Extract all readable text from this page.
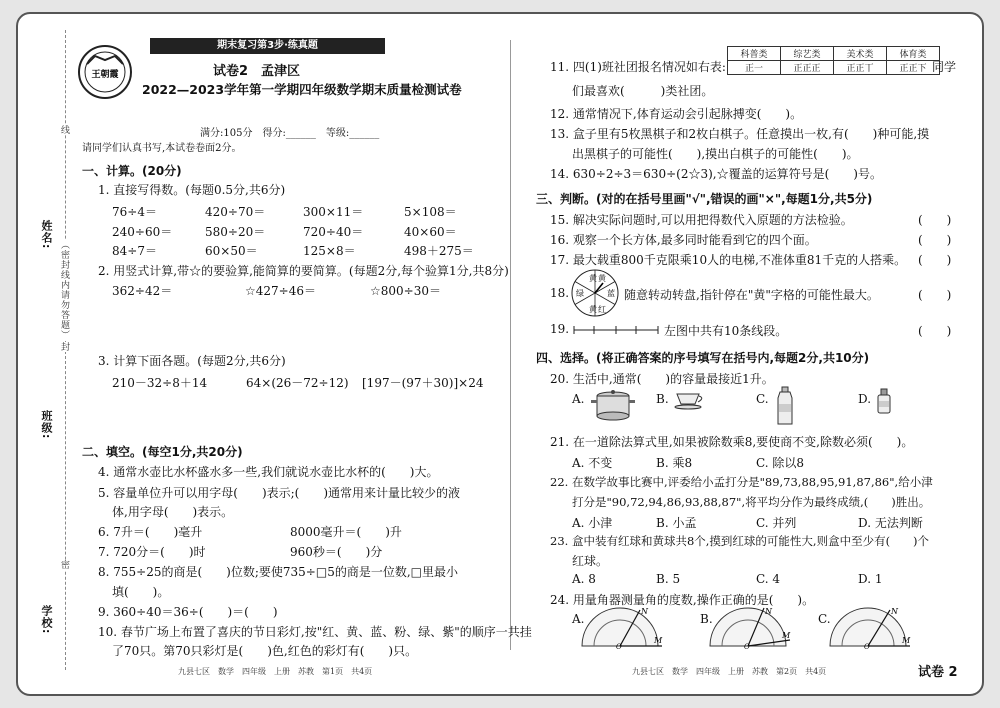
姓名:
班级:
学校:
（密封线内请勿答题）
线
封
密
王朝霞
期末复习第3步·练真题
试卷2　孟津区
2022—2023学年第一学期四年级数学期末质量检测试卷
满分:105分　得分:______　等级:______
请同学们认真书写,本试卷卷面2分。
一、计算。(20分)
1. 直接写得数。(每题0.5分,共6分)
76÷4＝	420÷70＝	300×11＝	5×108＝
240÷60＝	580÷20＝	720÷40＝	40×60＝
84÷7＝	60×50＝	125×8＝	498＋275＝
2. 用竖式计算,带☆的要验算,能简算的要简算。(每题2分,每个验算1分,共8分)
362÷42＝	☆427÷46＝	☆800÷30＝
3. 计算下面各题。(每题2分,共6分)
210－32÷8＋14	64×(26－72÷12) [197－(97＋30)]×24
二、填空。(每空1分,共20分)
4. 通常水壶比水杯盛水多一些,我们就说水壶比水杯的(　　)大。
5. 容量单位升可以用字母(　　)表示;(　　)通常用来计量比较少的液
体,用字母(　　)表示。
6. 7升＝(　　)毫升	8000毫升＝(　　)升
7. 720分＝(　　)时	960秒＝(　　)分
8. 755÷25的商是(　　)位数;要使735÷□5的商是一位数,□里最小
填(　　)。
9. 360÷40＝36÷(　　)＝(　　)
10. 春节广场上布置了喜庆的节日彩灯,按"红、黄、蓝、粉、绿、紫"的顺序一共挂
了70只。第70只彩灯是(　　)色,红色的彩灯有(　　)只。
九县七区　数学　四年级　上册　苏教　第1页　共4页
11. 四(1)班社团报名情况如右表:
科普类	综艺类	美术类	体育类
正⼀	正正正	正正丅	正正下 同学
们最喜欢(　　　)类社团。
12. 通常情况下,体育运动会引起脉搏变(　　)。
13. 盒子里有5枚黑棋子和2枚白棋子。任意摸出一枚,有(　　)种可能,摸
出黑棋子的可能性(　　),摸出白棋子的可能性(　　)。
14. 630÷2÷3＝630÷(2☆3),☆覆盖的运算符号是(　　)号。
三、判断。(对的在括号里画"√",错误的画"×",每题1分,共5分)
15. 解决实际问题时,可以用把得数代入原题的方法检验。	(　　)
16. 观察一个长方体,最多同时能看到它的四个面。	(　　)
17. 最大载重800千克限乘10人的电梯,不准体重81千克的人搭乘。 (　　)
18.
黄 黄
绿	蓝
黄 红
随意转动转盘,指针停在"黄"字格的可能性最大。	(　　)
19.	左图中共有10条线段。	(　　)
四、选择。(将正确答案的序号填写在括号内,每题2分,共10分)
20. 生活中,通常(　　)的容量最接近1升。
A.	B.	C.	D.
21. 在一道除法算式里,如果被除数乘8,要使商不变,除数必须(　　)。
A. 不变	B. 乘8	C. 除以8
22. 在数学故事比赛中,评委给小孟打分是"89,73,88,95,91,87,86",给小津
打分是"90,72,94,86,93,88,87",将平均分作为最终成绩,(　　)胜出。
A. 小津	B. 小孟	C. 并列	D. 无法判断
23. 盒中装有红球和黄球共8个,摸到红球的可能性大,则盒中至少有(　　)个
红球。
A. 8	B. 5	C. 4	D. 1
24. 用量角器测量角的度数,操作正确的是(　　)。
A.	B.	C.
N
O
M
N
O
M
N
O
M
九县七区　数学　四年级　上册　苏教　第2页　共4页	试卷 2
